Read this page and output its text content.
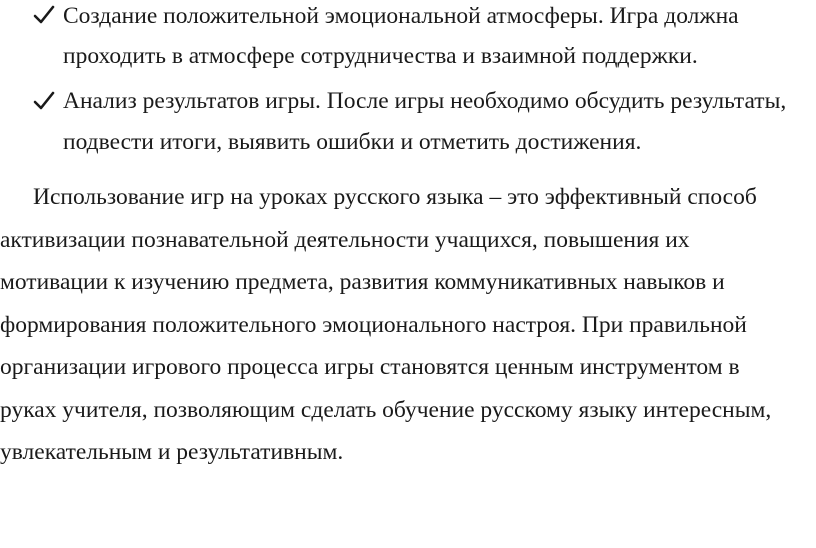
Создание положительной эмоциональной атмосферы. Игра должна
проходить в атмосфере сотрудничества и взаимной поддержки.
Анализ результатов игры. После игры необходимо обсудить результаты,
подвести итоги, выявить ошибки и отметить достижения.
Использование игр на уроках русского языка – это эффективный способ
активизации познавательной деятельности учащихся, повышения их
мотивации к изучению предмета, развития коммуникативных навыков и
формирования положительного эмоционального настроя. При правильной
организации игрового процесса игры становятся ценным инструментом в
руках учителя, позволяющим сделать обучение русскому языку интересным,
увлекательным и результативным.
